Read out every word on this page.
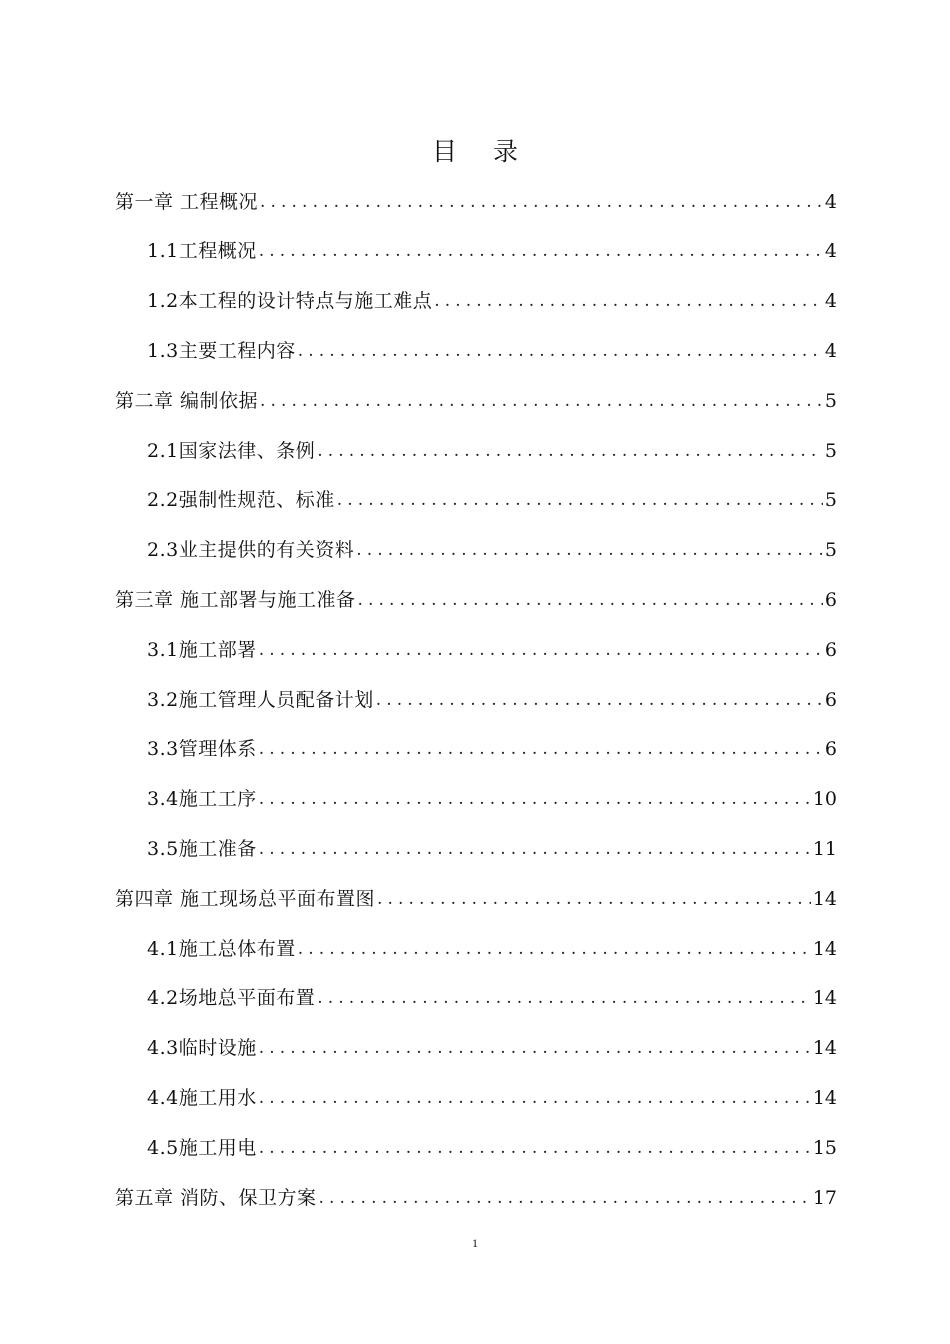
目 录
第一章 工程概况 .....	4
1.1工程概况 .....	4
1.2本工程的设计特点与施工难点 .....	4
1.3主要工程内容 .....	4
第二章 编制依据 .....	5
2.1国家法律、条例 .....	5
2.2强制性规范、标准 .....	5
2.3业主提供的有关资料 .....	5
第三章 施工部署与施工准备 .....	6
3.1施工部署 .....	6
3.2施工管理人员配备计划 .....	6
3.3管理体系 .....	6
3.4施工工序 .....	10
3.5施工准备 .....	11
第四章 施工现场总平面布置图 .....	14
4.1施工总体布置 .....	14
4.2场地总平面布置 .....	14
4.3临时设施 .....	14
4.4施工用水 .....	14
4.5施工用电 .....	15
第五章 消防、保卫方案 .....	17
1
